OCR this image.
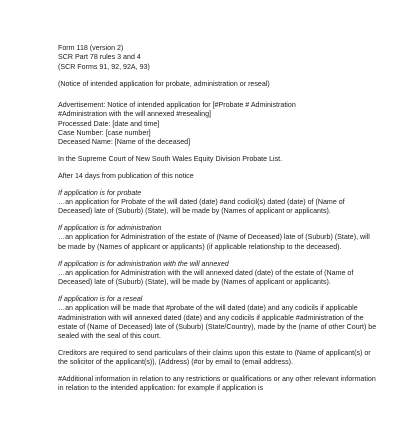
Form 118 (version 2)
SCR Part 78 rules 3 and 4
(SCR Forms 91, 92, 92A, 93)
(Notice of intended application for probate, administration or reseal)
Advertisement: Notice of intended application for [#Probate # Administration
#Administration with the will annexed #resealing]
Processed Date: [date and time]
Case Number: [case number]
Deceased Name: [Name of the deceased]
In the Supreme Court of New South Wales Equity Division Probate List.
After 14 days from publication of this notice
If application is for probate
…an application for Probate of the will dated (date) #and codicil(s) dated (date) of (Name of Deceased) late of (Suburb) (State), will be made by (Names of applicant or applicants).
If application is for administration
…an application for Administration of the estate of (Name of Deceased) late of (Suburb) (State), will be made by (Names of applicant or applicants) (if applicable relationship to the deceased).
If application is for administration with the will annexed
…an application for Administration with the will annexed dated (date) of the estate of (Name of Deceased) late of (Suburb) (State), will be made by (Names of applicant or applicants).
If application is for a reseal
…an application will be made that #probate of the will dated (date) and any codicils if applicable #administration with will annexed dated (date) and any codicils if applicable #administration of the estate of (Name of Deceased) late of (Suburb) (State/Country), made by the (name of other Court) be sealed with the seal of this court.
Creditors are required to send particulars of their claims upon this estate to (Name of applicant(s) or the solicitor of the applicant(s)), (Address) (#or by email to (email address).
#Additional information in relation to any restrictions or qualifications or any other relevant information in relation to the intended application: for example if application is
